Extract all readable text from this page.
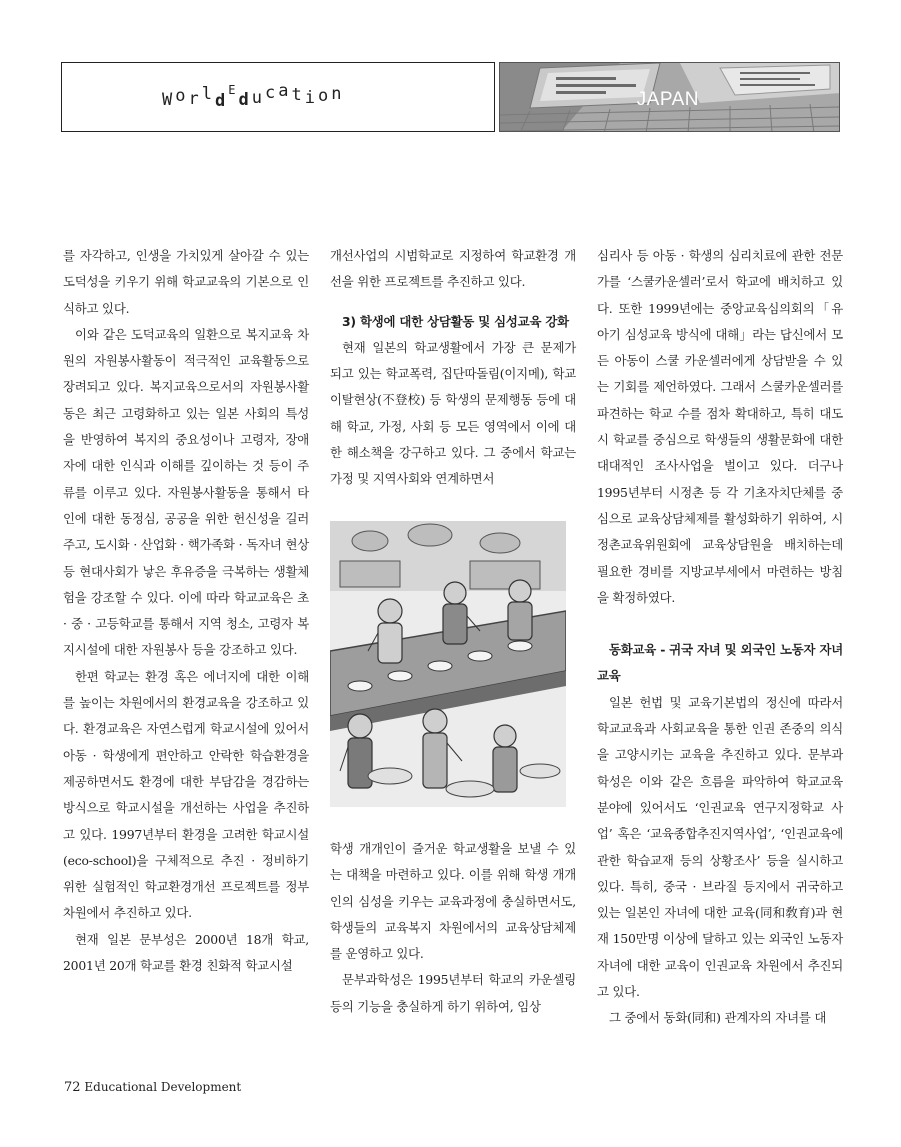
WorldEducation	JAPAN

를 자각하고, 인생을 가치있게 살아갈 수 있는 도덕성을 키우기 위해 학교교육의 기본으로 인식하고 있다.

이와 같은 도덕교육의 일환으로 복지교육 차원의 자원봉사활동이 적극적인 교육활동으로 장려되고 있다. 복지교육으로서의 자원봉사활동은 최근 고령화하고 있는 일본 사회의 특성을 반영하여 복지의 중요성이나 고령자, 장애자에 대한 인식과 이해를 깊이하는 것 등이 주류를 이루고 있다. 자원봉사활동을 통해서 타인에 대한 동정심, 공공을 위한 헌신성을 길러주고, 도시화 · 산업화 · 핵가족화 · 독자녀 현상 등 현대사회가 낳은 후유증을 극복하는 생활체험을 강조할 수 있다. 이에 따라 학교교육은 초 · 중 · 고등학교를 통해서 지역 청소, 고령자 복지시설에 대한 자원봉사 등을 강조하고 있다.

한편 학교는 환경 혹은 에너지에 대한 이해를 높이는 차원에서의 환경교육을 강조하고 있다. 환경교육은 자연스럽게 학교시설에 있어서 아동 · 학생에게 편안하고 안락한 학습환경을 제공하면서도 환경에 대한 부담감을 경감하는 방식으로 학교시설을 개선하는 사업을 추진하고 있다. 1997년부터 환경을 고려한 학교시설(eco-school)을 구체적으로 추진 · 정비하기 위한 실험적인 학교환경개선 프로젝트를 정부 차원에서 추진하고 있다.

현재 일본 문부성은 2000년 18개 학교, 2001년 20개 학교를 환경 친화적 학교시설

개선사업의 시범학교로 지정하여 학교환경 개선을 위한 프로젝트를 추진하고 있다.

3) 학생에 대한 상담활동 및 심성교육 강화

현재 일본의 학교생활에서 가장 큰 문제가 되고 있는 학교폭력, 집단따돌림(이지메), 학교 이탈현상(不登校) 등 학생의 문제행동 등에 대해 학교, 가정, 사회 등 모든 영역에서 이에 대한 해소책을 강구하고 있다. 그 중에서 학교는 가정 및 지역사회와 연계하면서

학생 개개인이 즐거운 학교생활을 보낼 수 있는 대책을 마련하고 있다. 이를 위해 학생 개개인의 심성을 키우는 교육과정에 충실하면서도, 학생들의 교육복지 차원에서의 교육상담체제를 운영하고 있다.

문부과학성은 1995년부터 학교의 카운셀링 등의 기능을 충실하게 하기 위하여, 임상

심리사 등 아동 · 학생의 심리치료에 관한 전문가를 ‘스쿨카운셀러’로서 학교에 배치하고 있다. 또한 1999년에는 중앙교육심의회의「유아기 심성교육 방식에 대해」라는 답신에서 모든 아동이 스쿨 카운셀러에게 상담받을 수 있는 기회를 제언하였다. 그래서 스쿨카운셀러를 파견하는 학교 수를 점차 확대하고, 특히 대도시 학교를 중심으로 학생들의 생활문화에 대한 대대적인 조사사업을 벌이고 있다. 더구나 1995년부터 시정촌 등 각 기초자치단체를 중심으로 교육상담체제를 활성화하기 위하여, 시정촌교육위원회에 교육상담원을 배치하는데 필요한 경비를 지방교부세에서 마련하는 방침을 확정하였다.

동화교육 - 귀국 자녀 및 외국인 노동자 자녀 교육

일본 헌법 및 교육기본법의 정신에 따라서 학교교육과 사회교육을 통한 인권 존중의 의식을 고양시키는 교육을 추진하고 있다. 문부과학성은 이와 같은 흐름을 파악하여 학교교육 분야에 있어서도 ‘인권교육 연구지정학교 사업’ 혹은 ‘교육종합추진지역사업’, ‘인권교육에 관한 학습교재 등의 상황조사’ 등을 실시하고 있다. 특히, 중국 · 브라질 등지에서 귀국하고 있는 일본인 자녀에 대한 교육(同和敎育)과 현재 150만명 이상에 달하고 있는 외국인 노동자 자녀에 대한 교육이 인권교육 차원에서 추진되고 있다.

그 중에서 동화(同和) 관계자의 자녀를 대

72 Educational Development
